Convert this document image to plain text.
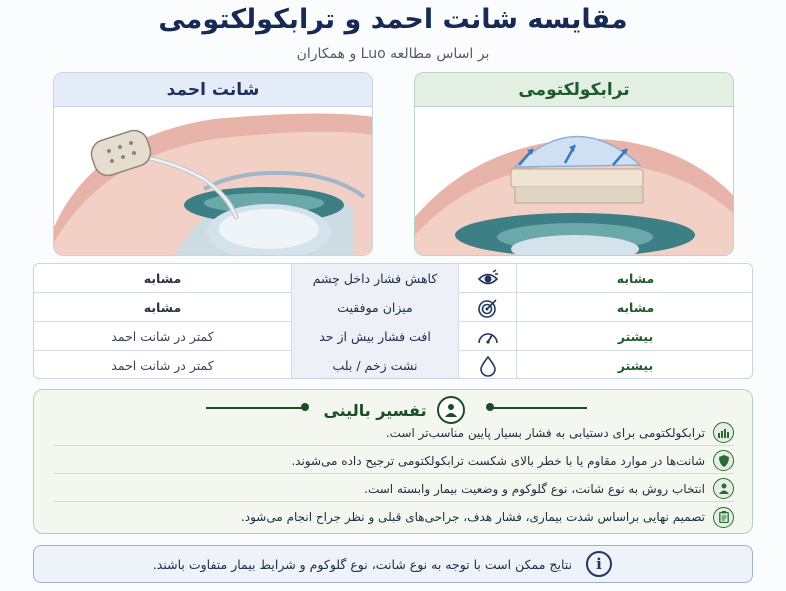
مقایسه شانت احمد و ترابکولکتومی
بر اساس مطالعه Luo و همکاران
شانت احمد	ترابکولکتومی
مشابه	کاهش فشار داخل چشم	مشابه
مشابه	میزان موفقیت	مشابه
کمتر در شانت احمد	افت فشار بیش از حد	بیشتر
کمتر در شانت احمد	نشت زخم / بلب	بیشتر
تفسیر بالینی
ترابکولکتومی برای دستیابی به فشار بسیار پایین مناسب‌تر است.
شانت‌ها در موارد مقاوم یا با خطر بالای شکست ترابکولکتومی ترجیح داده می‌شوند.
انتخاب روش به نوع شانت، نوع گلوکوم و وضعیت بیمار وابسته است.
تصمیم نهایی براساس شدت بیماری، فشار هدف، جراحی‌های قبلی و نظر جراح انجام می‌شود.
i
نتایج ممکن است با توجه به نوع شانت، نوع گلوکوم و شرایط بیمار متفاوت باشند.
